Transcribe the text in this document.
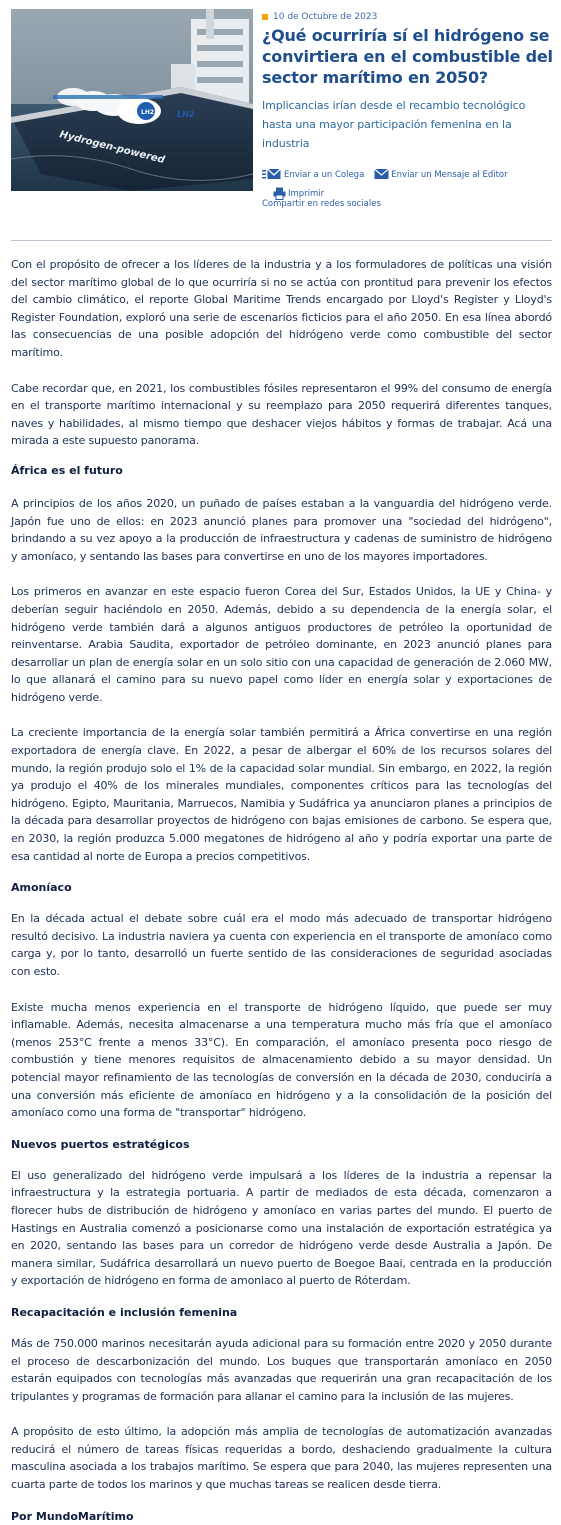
LH2	LH2
Hydrogen-powered
10 de Octubre de 2023
¿Qué ocurriría sí el hidrógeno se convirtiera en el combustible del sector marítimo en 2050?
Implicancias irían desde el recambio tecnológico hasta una mayor participación femenina en la industria
Enviar a un Colega	Enviar un Mensaje al Editor
Imprimir
Compartir en redes sociales

Con el propósito de ofrecer a los líderes de la industria y a los formuladores de políticas una visión del sector marítimo global de lo que ocurriría si no se actúa con prontitud para prevenir los efectos del cambio climático, el reporte Global Maritime Trends encargado por Lloyd's Register y Lloyd's Register Foundation, exploró una serie de escenarios ficticios para el año 2050. En esa línea abordó las consecuencias de una posible adopción del hidrógeno verde como combustible del sector marítimo.

Cabe recordar que, en 2021, los combustibles fósiles representaron el 99% del consumo de energía en el transporte marítimo internacional y su reemplazo para 2050 requerirá diferentes tanques, naves y habilidades, al mismo tiempo que deshacer viejos hábitos y formas de trabajar. Acá una mirada a este supuesto panorama.

África es el futuro

A principios de los años 2020, un puñado de países estaban a la vanguardia del hidrógeno verde. Japón fue uno de ellos: en 2023 anunció planes para promover una "sociedad del hidrógeno", brindando a su vez apoyo a la producción de infraestructura y cadenas de suministro de hidrógeno y amoníaco, y sentando las bases para convertirse en uno de los mayores importadores.

Los primeros en avanzar en este espacio fueron Corea del Sur, Estados Unidos, la UE y China- y deberían seguir haciéndolo en 2050. Además, debido a su dependencia de la energía solar, el hidrógeno verde también dará a algunos antiguos productores de petróleo la oportunidad de reinventarse. Arabia Saudita, exportador de petróleo dominante, en 2023 anunció planes para desarrollar un plan de energía solar en un solo sitio con una capacidad de generación de 2.060 MW, lo que allanará el camino para su nuevo papel como líder en energía solar y exportaciones de hidrógeno verde.

La creciente importancia de la energía solar también permitirá a África convertirse en una región exportadora de energía clave. En 2022, a pesar de albergar el 60% de los recursos solares del mundo, la región produjo solo el 1% de la capacidad solar mundial. Sin embargo, en 2022, la región ya produjo el 40% de los minerales mundiales, componentes críticos para las tecnologías del hidrógeno. Egipto, Mauritania, Marruecos, Namibia y Sudáfrica ya anunciaron planes a principios de la década para desarrollar proyectos de hidrógeno con bajas emisiones de carbono. Se espera que, en 2030, la región produzca 5.000 megatones de hidrógeno al año y podría exportar una parte de esa cantidad al norte de Europa a precios competitivos.

Amoníaco

En la década actual el debate sobre cuál era el modo más adecuado de transportar hidrógeno resultó decisivo. La industria naviera ya cuenta con experiencia en el transporte de amoníaco como carga y, por lo tanto, desarrolló un fuerte sentido de las consideraciones de seguridad asociadas con esto.

Existe mucha menos experiencia en el transporte de hidrógeno líquido, que puede ser muy inflamable. Además, necesita almacenarse a una temperatura mucho más fría que el amoníaco (menos 253°C frente a menos 33°C). En comparación, el amoníaco presenta poco riesgo de combustión y tiene menores requisitos de almacenamiento debido a su mayor densidad. Un potencial mayor refinamiento de las tecnologías de conversión en la década de 2030, conduciría a una conversión más eficiente de amoníaco en hidrógeno y a la consolidación de la posición del amoníaco como una forma de "transportar" hidrógeno.

Nuevos puertos estratégicos

El uso generalizado del hidrógeno verde impulsará a los líderes de la industria a repensar la infraestructura y la estrategia portuaria. A partir de mediados de esta década, comenzaron a florecer hubs de distribución de hidrógeno y amoníaco en varias partes del mundo. El puerto de Hastings en Australia comenzó a posicionarse como una instalación de exportación estratégica ya en 2020, sentando las bases para un corredor de hidrógeno verde desde Australia a Japón. De manera similar, Sudáfrica desarrollará un nuevo puerto de Boegoe Baai, centrada en la producción y exportación de hidrógeno en forma de amoniaco al puerto de Róterdam.

Recapacitación e inclusión femenina

Más de 750.000 marinos necesitarán ayuda adicional para su formación entre 2020 y 2050 durante el proceso de descarbonización del mundo. Los buques que transportarán amoníaco en 2050 estarán equipados con tecnologías más avanzadas que requerirán una gran recapacitación de los tripulantes y programas de formación para allanar el camino para la inclusión de las mujeres.

A propósito de esto último, la adopción más amplia de tecnologías de automatización avanzadas reducirá el número de tareas físicas requeridas a bordo, deshaciendo gradualmente la cultura masculina asociada a los trabajos marítimo. Se espera que para 2040, las mujeres representen una cuarta parte de todos los marinos y que muchas tareas se realicen desde tierra.

Por MundoMarítimo
